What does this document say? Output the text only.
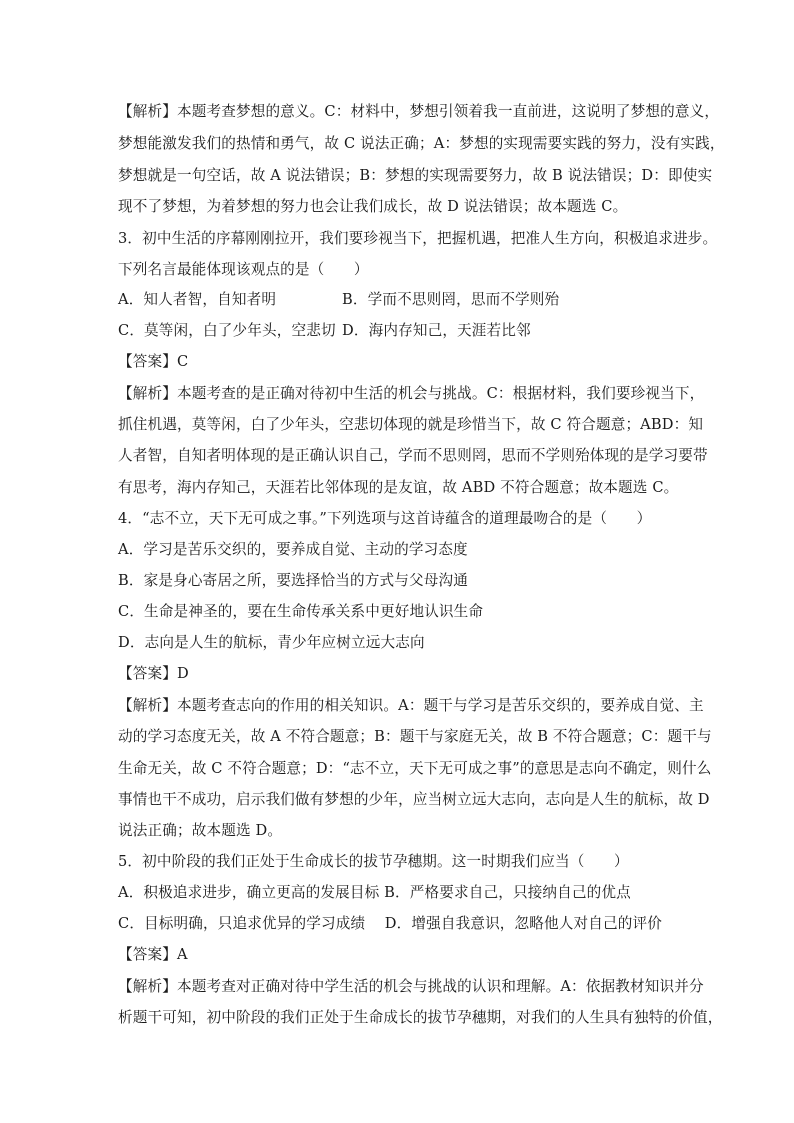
【解析】本题考查梦想的意义。C：材料中，梦想引领着我一直前进，这说明了梦想的意义，
梦想能激发我们的热情和勇气，故 C 说法正确；A：梦想的实现需要实践的努力，没有实践，
梦想就是一句空话，故 A 说法错误；B：梦想的实现需要努力，故 B 说法错误；D：即使实
现不了梦想，为着梦想的努力也会让我们成长，故 D 说法错误；故本题选 C。
3．初中生活的序幕刚刚拉开，我们要珍视当下，把握机遇，把准人生方向，积极追求进步。
下列名言最能体现该观点的是（　　）
A．知人者智，自知者明	B．学而不思则罔，思而不学则殆
C．莫等闲，白了少年头，空悲切 D．海内存知己，天涯若比邻
【答案】C
【解析】本题考查的是正确对待初中生活的机会与挑战。C：根据材料，我们要珍视当下，
抓住机遇，莫等闲，白了少年头，空悲切体现的就是珍惜当下，故 C 符合题意；ABD：知
人者智，自知者明体现的是正确认识自己，学而不思则罔，思而不学则殆体现的是学习要带
有思考，海内存知己，天涯若比邻体现的是友谊，故 ABD 不符合题意；故本题选 C。
4．“志不立，天下无可成之事。”下列选项与这首诗蕴含的道理最吻合的是（　　）
A．学习是苦乐交织的，要养成自觉、主动的学习态度
B．家是身心寄居之所，要选择恰当的方式与父母沟通
C．生命是神圣的，要在生命传承关系中更好地认识生命
D．志向是人生的航标，青少年应树立远大志向
【答案】D
【解析】本题考查志向的作用的相关知识。A：题干与学习是苦乐交织的，要养成自觉、主
动的学习态度无关，故 A 不符合题意；B：题干与家庭无关，故 B 不符合题意；C：题干与
生命无关，故 C 不符合题意；D：“志不立，天下无可成之事”的意思是志向不确定，则什么
事情也干不成功，启示我们做有梦想的少年，应当树立远大志向，志向是人生的航标，故 D
说法正确；故本题选 D。
5．初中阶段的我们正处于生命成长的拔节孕穗期。这一时期我们应当（　　）
A．积极追求进步，确立更高的发展目标 B．严格要求自己，只接纳自己的优点
C．目标明确，只追求优异的学习成绩　 D．增强自我意识，忽略他人对自己的评价
【答案】A
【解析】本题考查对正确对待中学生活的机会与挑战的认识和理解。A：依据教材知识并分
析题干可知，初中阶段的我们正处于生命成长的拔节孕穗期，对我们的人生具有独特的价值，
